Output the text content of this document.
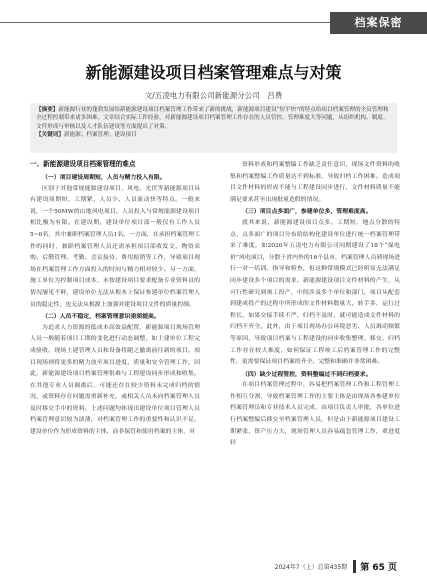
档案保密
新能源建设项目档案管理难点与对策
文/五凌电力有限公司新能源分公司　吕费
【摘要】新能源行业的蓬勃发展给新能源建设项目档案管理工作带来了新的挑战，新能源项目建设“短平快”的特点给项目档案管理的全员管理和全过程控制带来诸多困难。文章结合实际工作经验，对新能源建设项目档案管理工作存在的人员管控、管理难度大等问题，从组织机构、制度、文件形成与审核以及人才队伍建设等方面提出了对策。
【关键词】新能源；档案管理；建设项目
一、新能源建设项目档案管理的难点

（一）项目建设周期短，人员与精力投入有限。

区别于其他常规能源建设项目，风电、光伏等新能源项目具有建设周期短、工期紧、人员少、人员流动快等特点。一般来说，一个50MW的山地风电项目，人员投入与常规能源建设项目相比极为有限。在建设期，建设单位项目部一般仅有工作人员5~6名，其中兼职档案管理人员1名。一方面，在承担档案管理工作的同时，兼职档案管理人员还需承担项目部收发文、物资采购、后勤管理、考勤、会议接待、费用报销等工作，导致项目现场在档案管理工作方面投入的时间与精力相对较少。另一方面，施工单位为控制项目成本，未按建设项目要求配备专业资料员的情况屡见不鲜，建设单位无法从根本上保证参建单位档案管理人员的稳定性，也无法从根源上加强对建设项目文件的质量控制。

（二）人员不稳定，档案管理意识亟须提高。

为追求人力资源的低成本高效益配置，新能源项目现场管理人员一般随着项目工期的变化进行动态调整，如土建单位工程完成验收、现场土建管理人员和设备将随之撤离前往新的项目。项目现场则将更多的精力放至项目进度、质量和安全管理工作，因此，新能源建设项目档案管理很难与工程建设同步形成和收集。在其他专业人员调离后，可能还存在较少资料未完成归档的情况，或资料存在问题需重新补充，或相关人员未向档案管理人员及时移交手中的资料。上述问题均体现出建设单位项目管理人员档案管理意识较为淡薄，对档案管理工作的重要性和认识不足。建设单位作为形成资料的主体，而非保管和使用档案的主体，对

资料形成和档案整编工作缺乏责任意识，现场文件资料的收集和档案整编工作质量达不到标准，导致归档工作困难。造成项目文件材料的形成不能与工程建设同步进行、文件材料质量不能满足要求甚至出现批量造假的情况。

（三）项目点多面广，参建单位多，管理难度高。

就其来说，新能源建设项目点多、工期短，地点分散的特点，点多面广的项目分布给结构化建设单位进行统一档案管理带来了难度。如2020年五凌电力有限公司同期建设了18个“保电价”风电项目，分散于省内外的16个县市，档案管理人员到现场进行一对一培训、指导和检查，但这种常规模式已经明显无法满足同步建设多个项目的需求。新能源建设项目文件材料的产生，从可行性研究到竣工投产，中间涉及多个单位和部门，项目从配套到建成投产的过程中所形成的文件材料数量大，转手多，运行过程长，如果交接手续不严、归档不及时，就可能造成文件材料的归档不齐全。此外，由于项目现场办公环境恶劣、人员调动频繁等原因，导致项目档案与工程建设的同步收集整理、移交、归档工作存在较大难度，如何保证工程竣工后档案管理工作的完整性，更需要保证项目档案的齐全、完整和准确并非常困难。

（四）缺少过程管控，资料整编过不到归档要求。

在项目档案管理过程中，容易把档案管理工作和工程管理工作相互分割，导致档案管理工作的主要主体是由现场各参建单位档案管理员和专业技术人员完成，由项目负责人审批，各单位进行档案整编后移交至档案管理人员，但是由于新能源项目建设工期紧张，资产压力大，现场管理人员容易疏忽管理工作，重进度轻

2024年7（上）总第435期	第 65 页
